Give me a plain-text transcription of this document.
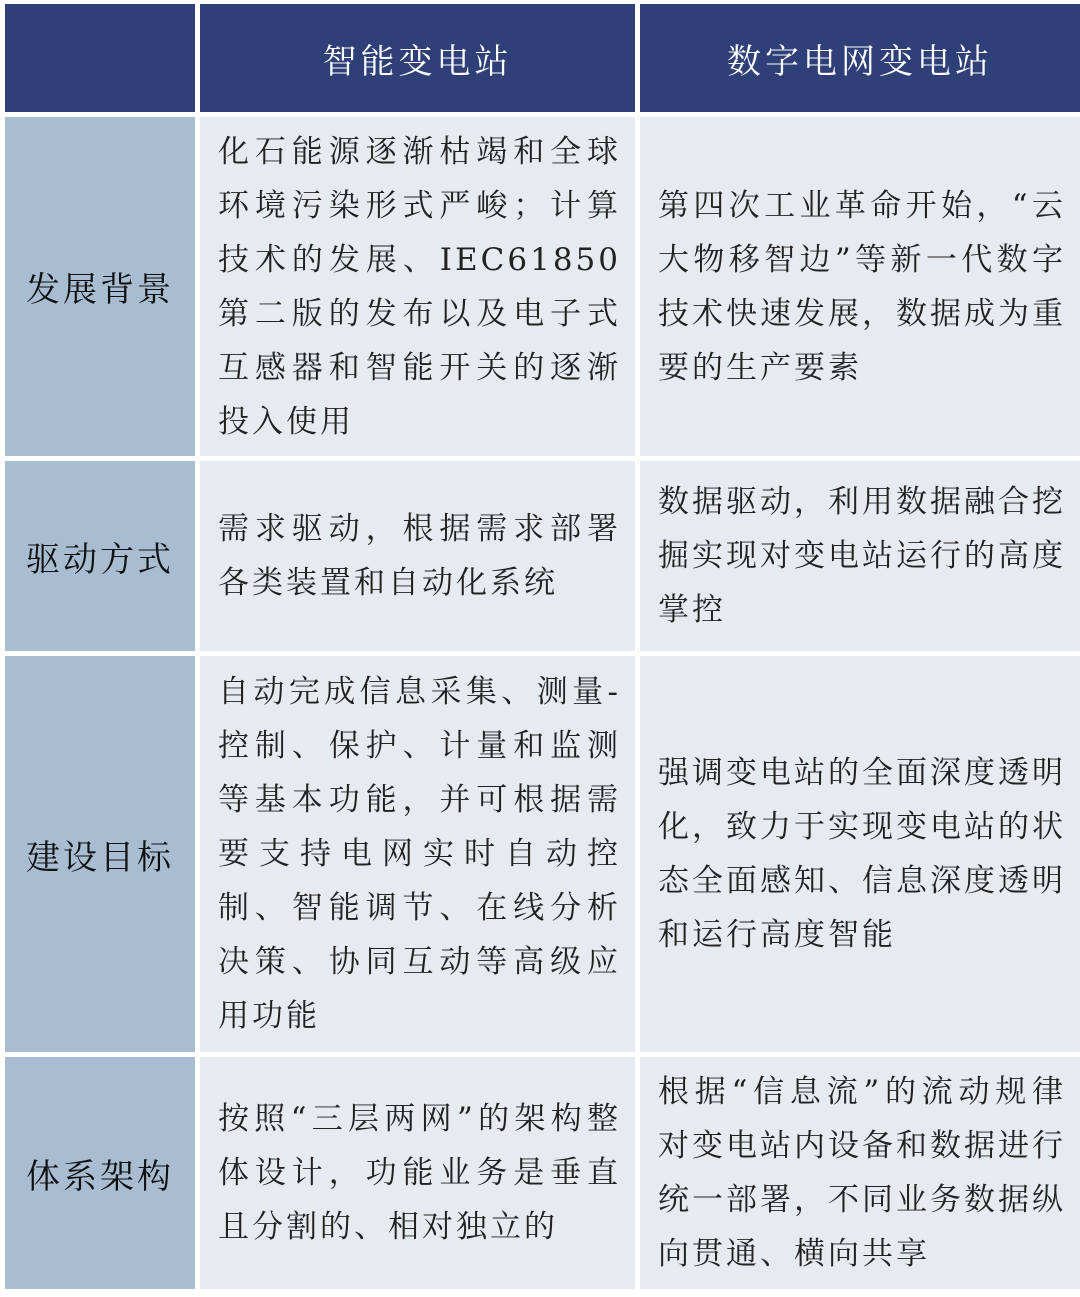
智能变电站	数字电网变电站
发展背景
化石能源逐渐枯竭和全球环境污染形式严峻；计算技术的发展、IEC61850第二版的发布以及电子式互感器和智能开关的逐渐投入使用
第四次工业革命开始，“云大物移智边”等新一代数字技术快速发展，数据成为重要的生产要素
驱动方式
需求驱动，根据需求部署各类装置和自动化系统
数据驱动，利用数据融合挖掘实现对变电站运行的高度掌控
建设目标
自动完成信息采集、测量-控制、保护、计量和监测等基本功能，并可根据需要支持电网实时自动控制、智能调节、在线分析决策、协同互动等高级应用功能
强调变电站的全面深度透明化，致力于实现变电站的状态全面感知、信息深度透明和运行高度智能
体系架构
按照“三层两网”的架构整体设计，功能业务是垂直且分割的、相对独立的
根据“信息流”的流动规律对变电站内设备和数据进行统一部署，不同业务数据纵向贯通、横向共享
